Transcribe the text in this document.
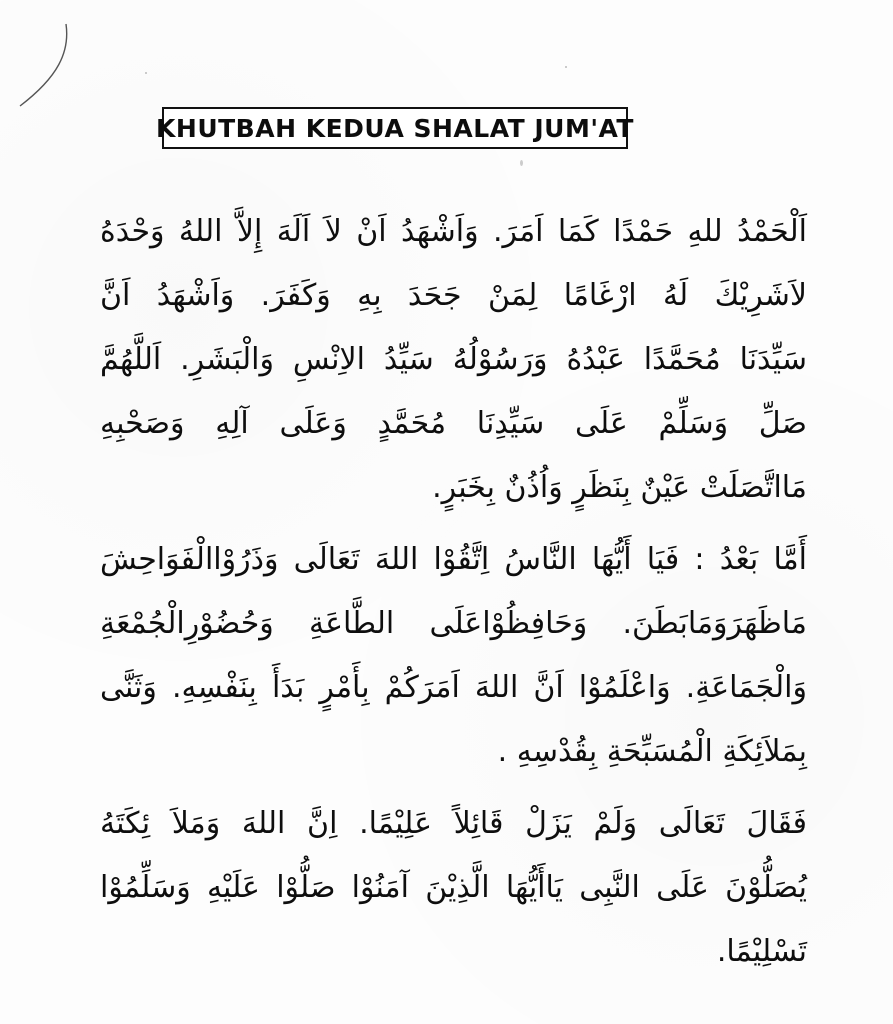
KHUTBAH KEDUA SHALAT JUM'AT
اَلْحَمْدُ للهِ حَمْدًا كَمَا اَمَرَ. وَاَشْهَدُ اَنْ لاَ اَلَهَ إِلاَّ اللهُ وَحْدَهُ
لاَشَرِيْكَ لَهُ ارْغَامًا لِمَنْ جَحَدَ بِهِ وَكَفَرَ. وَاَشْهَدُ اَنَّ
سَيِّدَنَا مُحَمَّدًا عَبْدُهُ وَرَسُوْلُهُ سَيِّدُ الاِنْسِ وَالْبَشَرِ. اَللَّهُمَّ
صَلِّ وَسَلِّمْ عَلَى سَيِّدِنَا مُحَمَّدٍ وَعَلَى آلِهِ وَصَحْبِهِ
مَااتَّصَلَتْ عَيْنٌ بِنَظَرٍ وَاُذُنٌ بِخَبَرٍ.
أَمَّا بَعْدُ : فَيَا أَيُّهَا النَّاسُ اِتَّقُوْا اللهَ تَعَالَى وَذَرُوْاالْفَوَاحِشَ
مَاظَهَرَوَمَابَطَنَ. وَحَافِظُوْاعَلَى الطَّاعَةِ وَحُضُوْرِالْجُمْعَةِ
وَالْجَمَاعَةِ. وَاعْلَمُوْا اَنَّ اللهَ اَمَرَكُمْ بِأَمْرٍ بَدَأَ بِنَفْسِهِ. وَثَنَّى
بِمَلاَئِكَةِ الْمُسَبِّحَةِ بِقُدْسِهِ .
فَقَالَ تَعَالَى وَلَمْ يَزَلْ قَائِلاً عَلِيْمًا. اِنَّ اللهَ وَمَلاَ ئِكَتَهُ
يُصَلُّوْنَ عَلَى النَّبِى يَاأَيُّهَا الَّذِيْنَ آمَنُوْا صَلُّوْا عَلَيْهِ وَسَلِّمُوْا
تَسْلِيْمًا.
